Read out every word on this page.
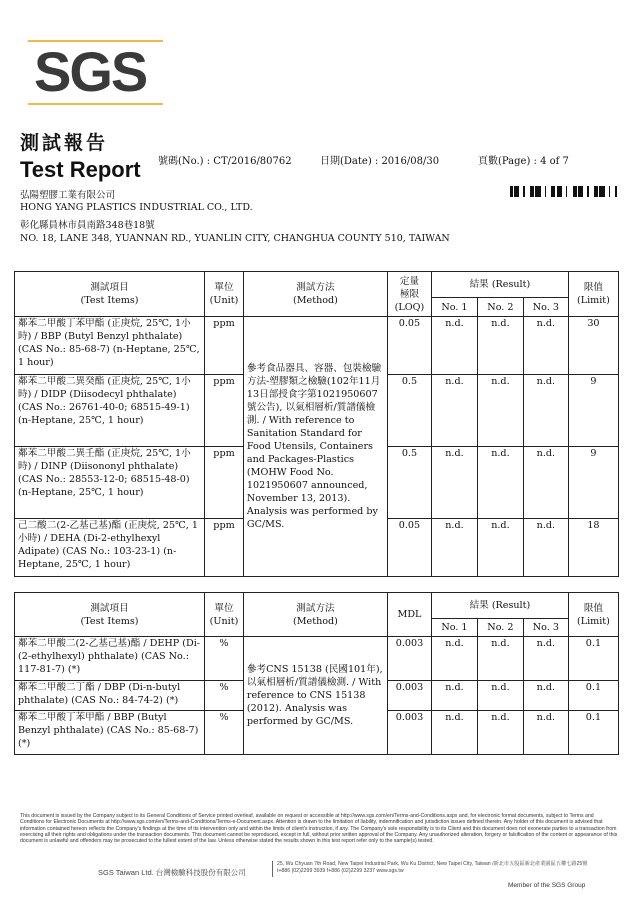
SGS
測試報告
Test Report 號碼(No.) : CT/2016/80762	日期(Date) : 2016/08/30	頁數(Page) : 4 of 7
弘陽塑膠工業有限公司
HONG YANG PLASTICS INDUSTRIAL CO., LTD.
彰化縣員林市員南路348巷18號
NO. 18, LANE 348, YUANNAN RD., YUANLIN CITY, CHANGHUA COUNTY 510, TAIWAN
測試項目
(Test Items)	單位
(Unit)	測試方法
(Method)	定量
極限
(LOQ)	結果 (Result)			限值
(Limit)
				No. 1	No. 2	No. 3	
鄰苯二甲酸丁苯甲酯 (正庚烷, 25℃, 1小時) / BBP (Butyl Benzyl phthalate) (CAS No.: 85-68-7) (n-Heptane, 25℃, 1 hour)	ppm	參考食品器具、容器、包裝檢驗方法-塑膠類之檢驗(102年11月13日部授食字第1021950607號公告), 以氣相層析/質譜儀檢測. / With reference to Sanitation Standard for Food Utensils, Containers and Packages-Plastics (MOHW Food No. 1021950607 announced, November 13, 2013). Analysis was performed by GC/MS.	0.05	n.d.	n.d.	n.d.	30
鄰苯二甲酸二異癸酯 (正庚烷, 25℃, 1小時) / DIDP (Diisodecyl phthalate) (CAS No.: 26761-40-0; 68515-49-1) (n-Heptane, 25℃, 1 hour)	ppm		0.5	n.d.	n.d.	n.d.	9
鄰苯二甲酸二異壬酯 (正庚烷, 25℃, 1小時) / DINP (Diisononyl phthalate) (CAS No.: 28553-12-0; 68515-48-0) (n-Heptane, 25℃, 1 hour)	ppm		0.5	n.d.	n.d.	n.d.	9
己二酸二(2-乙基己基)酯 (正庚烷, 25℃, 1小時) / DEHA (Di-2-ethylhexyl Adipate) (CAS No.: 103-23-1) (n-Heptane, 25℃, 1 hour)	ppm		0.05	n.d.	n.d.	n.d.	18
測試項目
(Test Items)	單位
(Unit)	測試方法
(Method)	MDL	結果 (Result)			限值
(Limit)
				No. 1	No. 2	No. 3	
鄰苯二甲酸二(2-乙基己基)酯 / DEHP (Di-(2-ethylhexyl) phthalate) (CAS No.: 117-81-7) (*)	%	參考CNS 15138 (民國101年), 以氣相層析/質譜儀檢測. / With reference to CNS 15138 (2012). Analysis was performed by GC/MS.	0.003	n.d.	n.d.	n.d.	0.1
鄰苯二甲酸二丁酯 / DBP (Di-n-butyl phthalate) (CAS No.: 84-74-2) (*)	%		0.003	n.d.	n.d.	n.d.	0.1
鄰苯二甲酸丁苯甲酯 / BBP (Butyl Benzyl phthalate) (CAS No.: 85-68-7) (*)	%		0.003	n.d.	n.d.	n.d.	0.1
This document is issued by the Company subject to its General Conditions of Service printed overleaf, available on request or accessible at http://www.sgs.com/en/Terms-and-Conditions.aspx and, for electronic format documents, subject to Terms and Conditions for Electronic Documents at http://www.sgs.com/en/Terms-and-Conditions/Terms-e-Document.aspx. Attention is drawn to the limitation of liability, indemnification and jurisdiction issues defined therein. Any holder of this document is advised that information contained hereon reflects the Company's findings at the time of its intervention only and within the limits of client's instruction, if any. The Company's sole responsibility is to its Client and this document does not exonerate parties to a transaction from exercising all their rights and obligations under the transaction documents. This document cannot be reproduced, except in full, without prior written approval of the Company. Any unauthorized alteration, forgery or falsification of the content or appearance of this document is unlawful and offenders may be prosecuted to the fullest extent of the law. Unless otherwise stated the results shown in this test report refer only to the sample(s) tested.
SGS Taiwan Ltd. 台灣檢驗科技股份有限公司
25, Wu Chyuan 7th Road, New Taipei Industrial Park, Wu Ku District, New Taipei City, Taiwan /新北市五股區新北產業園區五權七路25號
t+886 (02)2299 3939 f+886 (02)2299 3237 www.sgs.tw
Member of the SGS Group
